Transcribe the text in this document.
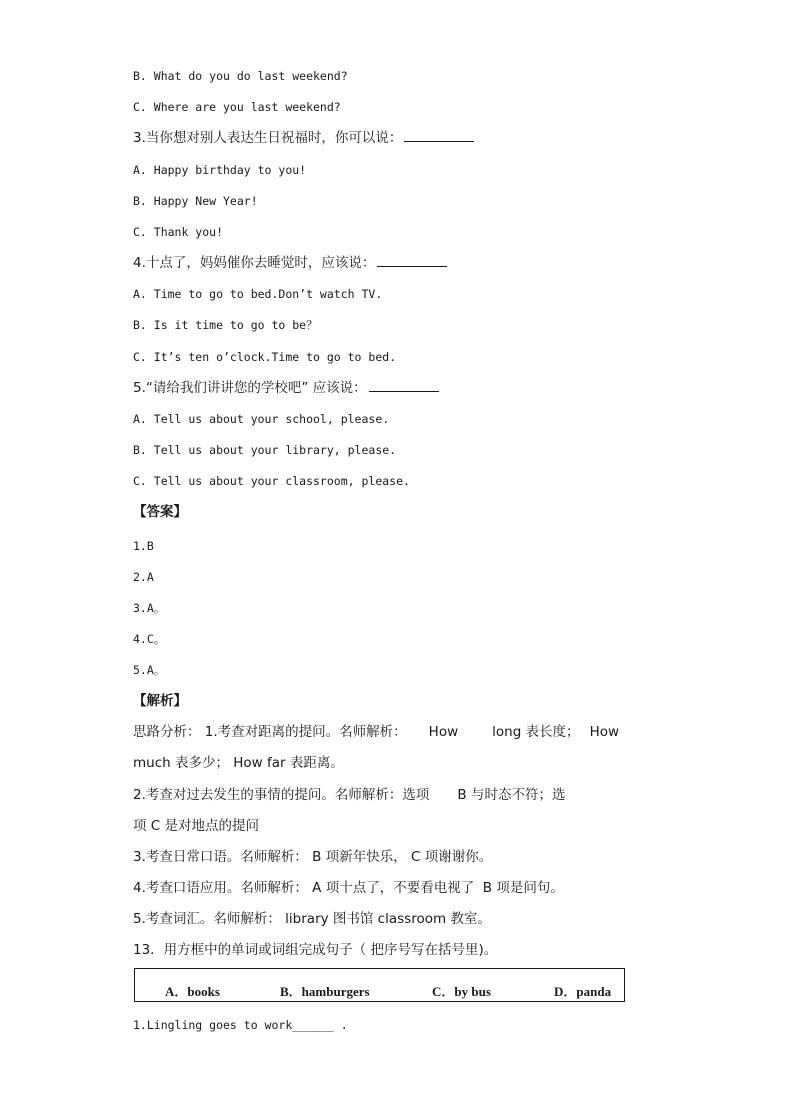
B. What do you do last weekend?
C. Where are you last weekend?
3.当你想对别人表达生日祝福时，你可以说：
A. Happy birthday to you!
B. Happy New Year!
C. Thank you!
4.十点了，妈妈催你去睡觉时，应该说：
A. Time to go to bed.Don’t watch TV.
B. Is it time to go to be？
C. It’s ten o’clock.Time to go to bed.
5.“请给我们讲讲您的学校吧” 应该说：
A. Tell us about your school, please.
B. Tell us about your library, please.
C. Tell us about your classroom, please.
【答案】
1.B
2.A
3.A。
4.C。
5.A。
【解析】
思路分析： 1.考查对距离的提问。名师解析： How	long 表长度； How
much 表多少； How far 表距离。
2.考查对过去发生的事情的提问。名师解析：选项 B 与时态不符；选
项 C 是对地点的提问
3.考查日常口语。名师解析： B 项新年快乐， C 项谢谢你。
4.考查口语应用。名师解析： A 项十点了，不要看电视了  B 项是问句。
5.考查词汇。名师解析： library 图书馆 classroom 教室。
13．用方框中的单词或词组完成句子（ 把序号写在括号里)。
A．books	B．hamburgers	C．by bus	D．panda
1.Lingling goes to work______ .
